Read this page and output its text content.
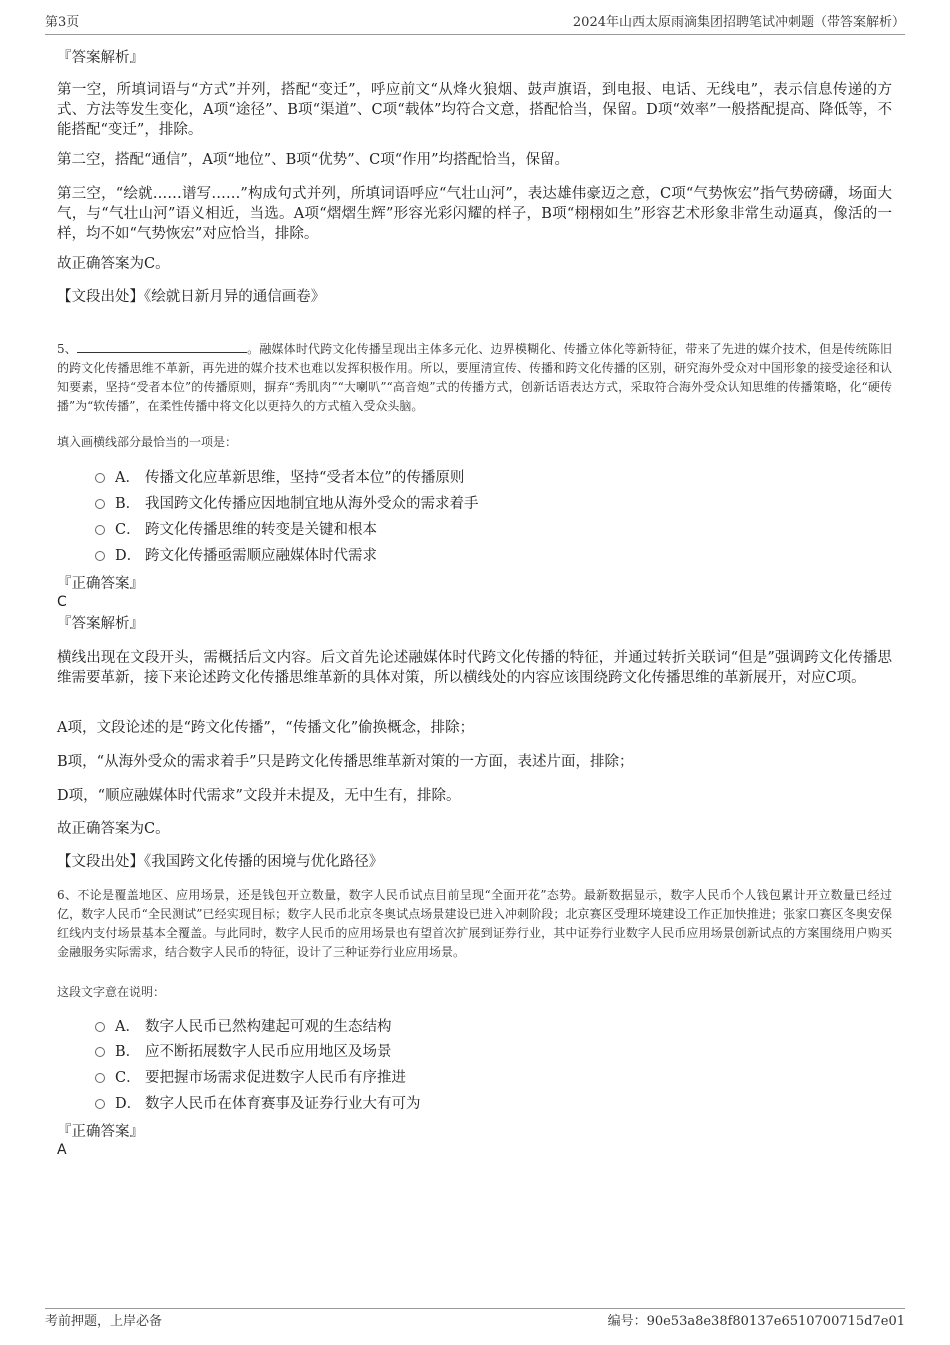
第3页	2024年山西太原雨滴集团招聘笔试冲刺题（带答案解析）
『答案解析』
第一空，所填词语与“方式”并列，搭配“变迁”，呼应前文“从烽火狼烟、鼓声旗语，到电报、电话、无线电”，表示信息传递的方式、方法等发生变化，A项“途径”、B项“渠道”、C项“载体”均符合文意，搭配恰当，保留。D项“效率”一般搭配提高、降低等，不能搭配“变迁”，排除。
第二空，搭配“通信”，A项“地位”、B项“优势”、C项“作用”均搭配恰当，保留。
第三空，“绘就……谱写……”构成句式并列，所填词语呼应“气壮山河”，表达雄伟豪迈之意，C项“气势恢宏”指气势磅礴，场面大气，与“气壮山河”语义相近，当选。A项“熠熠生辉”形容光彩闪耀的样子，B项“栩栩如生”形容艺术形象非常生动逼真，像活的一样，均不如“气势恢宏”对应恰当，排除。
故正确答案为C。
【文段出处】《绘就日新月异的通信画卷》
5、	。融媒体时代跨文化传播呈现出主体多元化、边界模糊化、传播立体化等新特征，带来了先进的媒介技术，但是传统陈旧的跨文化传播思维不革新，再先进的媒介技术也难以发挥积极作用。所以，要厘清宣传、传播和跨文化传播的区别，研究海外受众对中国形象的接受途径和认知要素，坚持“受者本位”的传播原则，摒弃“秀肌肉”“大喇叭”“高音炮”式的传播方式，创新话语表达方式，采取符合海外受众认知思维的传播策略，化“硬传播”为“软传播”，在柔性传播中将文化以更持久的方式植入受众头脑。
填入画横线部分最恰当的一项是：
A． 传播文化应革新思维，坚持“受者本位”的传播原则
B． 我国跨文化传播应因地制宜地从海外受众的需求着手
C． 跨文化传播思维的转变是关键和根本
D． 跨文化传播亟需顺应融媒体时代需求
『正确答案』
C
『答案解析』
横线出现在文段开头，需概括后文内容。后文首先论述融媒体时代跨文化传播的特征，并通过转折关联词“但是”强调跨文化传播思维需要革新，接下来论述跨文化传播思维革新的具体对策，所以横线处的内容应该围绕跨文化传播思维的革新展开，对应C项。
A项，文段论述的是“跨文化传播”，“传播文化”偷换概念，排除；
B项，“从海外受众的需求着手”只是跨文化传播思维革新对策的一方面，表述片面，排除；
D项，“顺应融媒体时代需求”文段并未提及，无中生有，排除。
故正确答案为C。
【文段出处】《我国跨文化传播的困境与优化路径》
6、不论是覆盖地区、应用场景，还是钱包开立数量，数字人民币试点目前呈现“全面开花”态势。最新数据显示，数字人民币个人钱包累计开立数量已经过亿，数字人民币“全民测试”已经实现目标；数字人民币北京冬奥试点场景建设已进入冲刺阶段；北京赛区受理环境建设工作正加快推进；张家口赛区冬奥安保红线内支付场景基本全覆盖。与此同时，数字人民币的应用场景也有望首次扩展到证券行业，其中证券行业数字人民币应用场景创新试点的方案围绕用户购买金融服务实际需求，结合数字人民币的特征，设计了三种证券行业应用场景。
这段文字意在说明：
A． 数字人民币已然构建起可观的生态结构
B． 应不断拓展数字人民币应用地区及场景
C． 要把握市场需求促进数字人民币有序推进
D． 数字人民币在体育赛事及证券行业大有可为
『正确答案』
A
考前押题，上岸必备	编号：90e53a8e38f80137e6510700715d7e01
